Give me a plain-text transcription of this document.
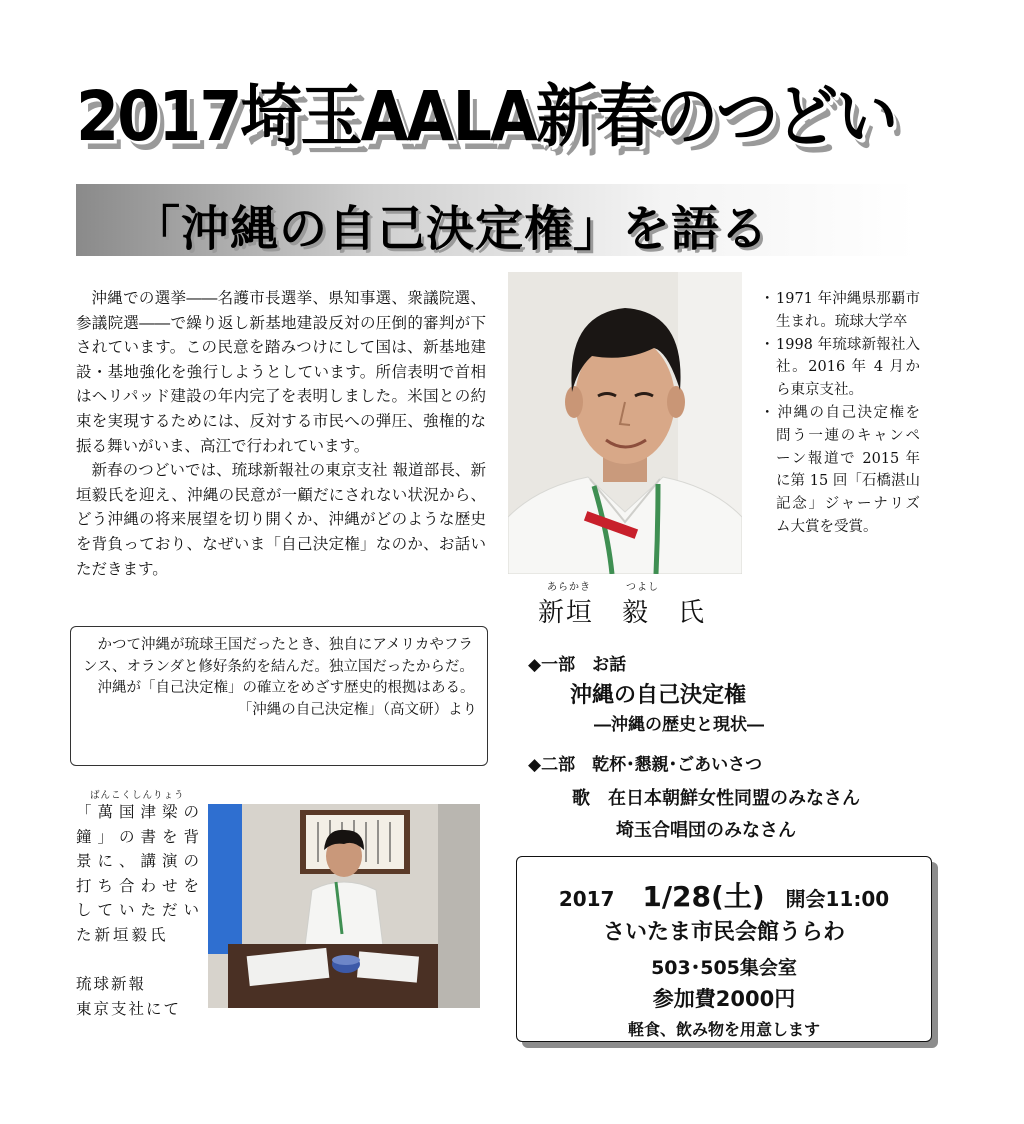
2017埼玉AALA新春のつどい
「沖縄の自己決定権」を語る

沖縄での選挙――名護市長選挙、県知事選、衆議院選、参議院選――で繰り返し新基地建設反対の圧倒的審判が下されています。この民意を踏みつけにして国は、新基地建設・基地強化を強行しようとしています。所信表明で首相はヘリパッド建設の年内完了を表明しました。米国との約束を実現するためには、反対する市民への弾圧、強権的な振る舞いがいま、高江で行われています。

新春のつどいでは、琉球新報社の東京支社 報道部長、新垣毅氏を迎え、沖縄の民意が一顧だにされない状況から、どう沖縄の将来展望を切り開くか、沖縄がどのような歴史を背負っており、なぜいま「自己決定権」なのか、お話いただきます。

あらかき	つよし
新垣　毅　氏
・ 1971 年沖縄県那覇市生まれ。琉球大学卒
・ 1998 年琉球新報社入社。2016 年 4 月から東京支社。
・ 沖縄の自己決定権を問う一連のキャンペーン報道で 2015 年に第 15 回「石橋湛山記念」ジャーナリズム大賞を受賞。

かつて沖縄が琉球王国だったとき、独自にアメリカやフランス、オランダと修好条約を結んだ。独立国だったからだ。

沖縄が「自己決定権」の確立をめざす歴史的根拠はある。

「沖縄の自己決定権」（高文研）より
◆一部　お話
沖縄の自己決定権
―沖縄の歴史と現状―
◆二部　乾杯･懇親･ごあいさつ
歌　在日本朝鮮女性同盟のみなさん
埼玉合唱団のみなさん
2017 1/28(土) 開会11:00
さいたま市民会館うらわ
503･505集会室
参加費2000円
軽食、飲み物を用意します
ばんこくしんりょう

「萬国津梁の鐘」の書を背景に、講演の打ち合わせをしていただいた新垣毅氏

琉球新報
東京支社にて
